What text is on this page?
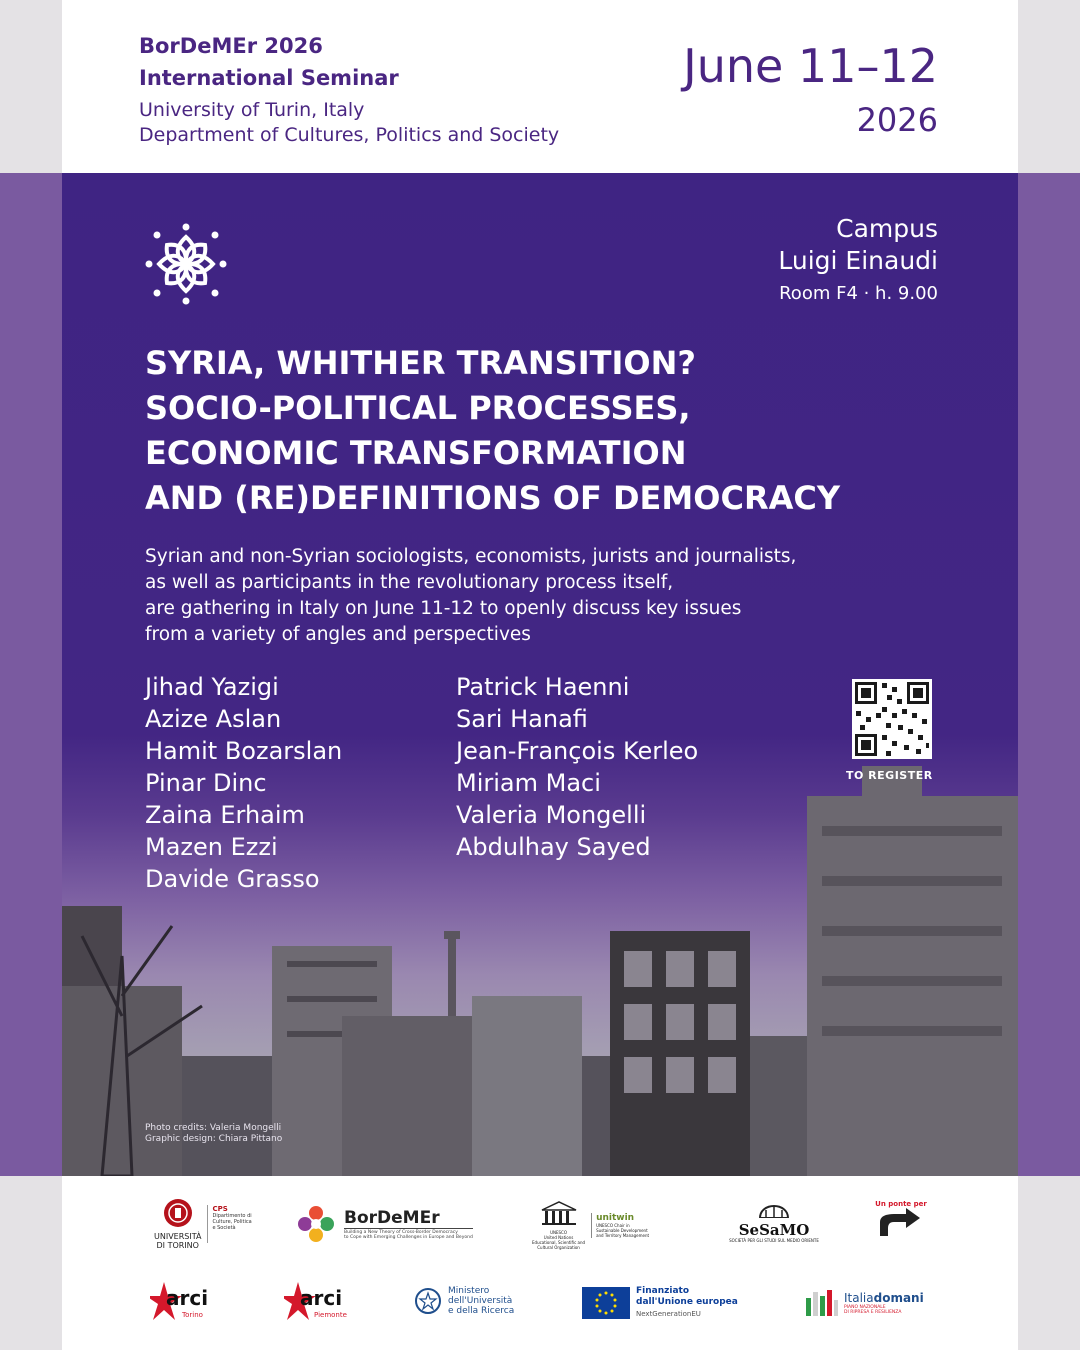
BorDeMEr 2026
International Seminar
University of Turin, Italy
Department of Cultures, Politics and Society
June 11–12
2026
Campus
Luigi Einaudi
Room F4 · h. 9.00
SYRIA, WHITHER TRANSITION?
SOCIO-POLITICAL PROCESSES,
ECONOMIC TRANSFORMATION
AND (RE)DEFINITIONS OF DEMOCRACY
Syrian and non-Syrian sociologists, economists, jurists and journalists,
as well as participants in the revolutionary process itself,
are gathering in Italy on June 11-12 to openly discuss key issues
from a variety of angles and perspectives
Jihad Yazigi
Azize Aslan
Hamit Bozarslan
Pinar Dinc
Zaina Erhaim
Mazen Ezzi
Davide Grasso
Patrick Haenni
Sari Hanafi
Jean-François Kerleo
Miriam Maci
Valeria Mongelli
Abdulhay Sayed
TO REGISTER
Photo credits: Valeria Mongelli
Graphic design: Chiara Pittano
UNIVERSITÀ
DI TORINO
CPS
Dipartimento di
Culture, Politica
e Società	BorDeMEr
Building a New Theory of Cross-Border Democracy
to Cope with Emerging Challenges in Europe and Beyond
UNESCO
United Nations
Educational, Scientific and
Cultural Organization
unitwin
UNESCO Chair in
Sustainable Development
and Territory Management	SeSaMO
SOCIETÀ PER GLI STUDI SUL MEDIO ORIENTE
Un ponte per
arci
Torino
arci
Piemonte
Ministero
dell'Università
e della Ricerca
Finanziato
dall'Unione europea
NextGenerationEU
Italiadomani
PIANO NAZIONALE
DI RIPRESA E RESILIENZA
